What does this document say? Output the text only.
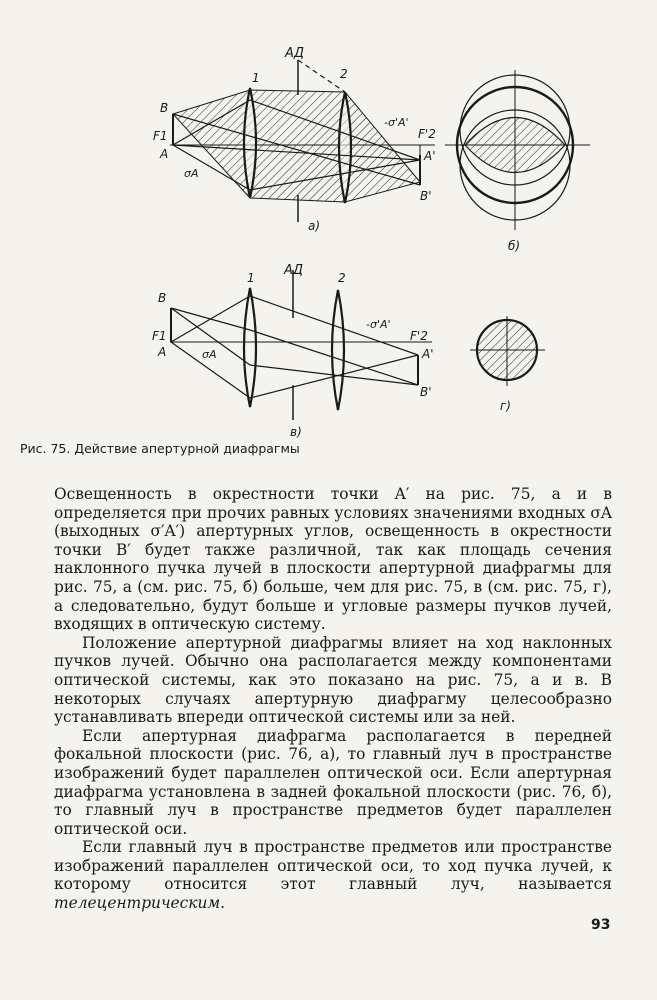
1	2
АД
B
F1
A
σA
-σ'A'
F'2
A'
B'
а)
б)
1	2
АД
B
F1
A	σA
-σ'A'
F'2
A'
B'
в)
г)
Рис. 75. Действие апертурной диафрагмы

Освещенность в окрестности точки A′ на рис. 75, а и в определяется при прочих равных условиях значениями входных σA (выходных σ′A′) апертурных углов, освещенность в окрестности точки B′ будет также различной, так как площадь сечения наклонного пучка лучей в плоскости апертурной диафрагмы для рис. 75, а (см. рис. 75, б) больше, чем для рис. 75, в (см. рис. 75, г), а следовательно, будут больше и угловые размеры пучков лучей, входящих в оптическую систему.

Положение апертурной диафрагмы влияет на ход наклонных пучков лучей. Обычно она располагается между компонентами оптической системы, как это показано на рис. 75, а и в. В некоторых случаях апертурную диафрагму целесообразно устанавливать впереди оптической системы или за ней.

Если апертурная диафрагма располагается в передней фокальной плоскости (рис. 76, а), то главный луч в пространстве изображений будет параллелен оптической оси. Если апертурная диафрагма установлена в задней фокальной плоскости (рис. 76, б), то главный луч в пространстве предметов будет параллелен оптической оси.

Если главный луч в пространстве предметов или пространстве изображений параллелен оптической оси, то ход пучка лучей, к которому относится этот главный луч, называется телецентрическим.

93
